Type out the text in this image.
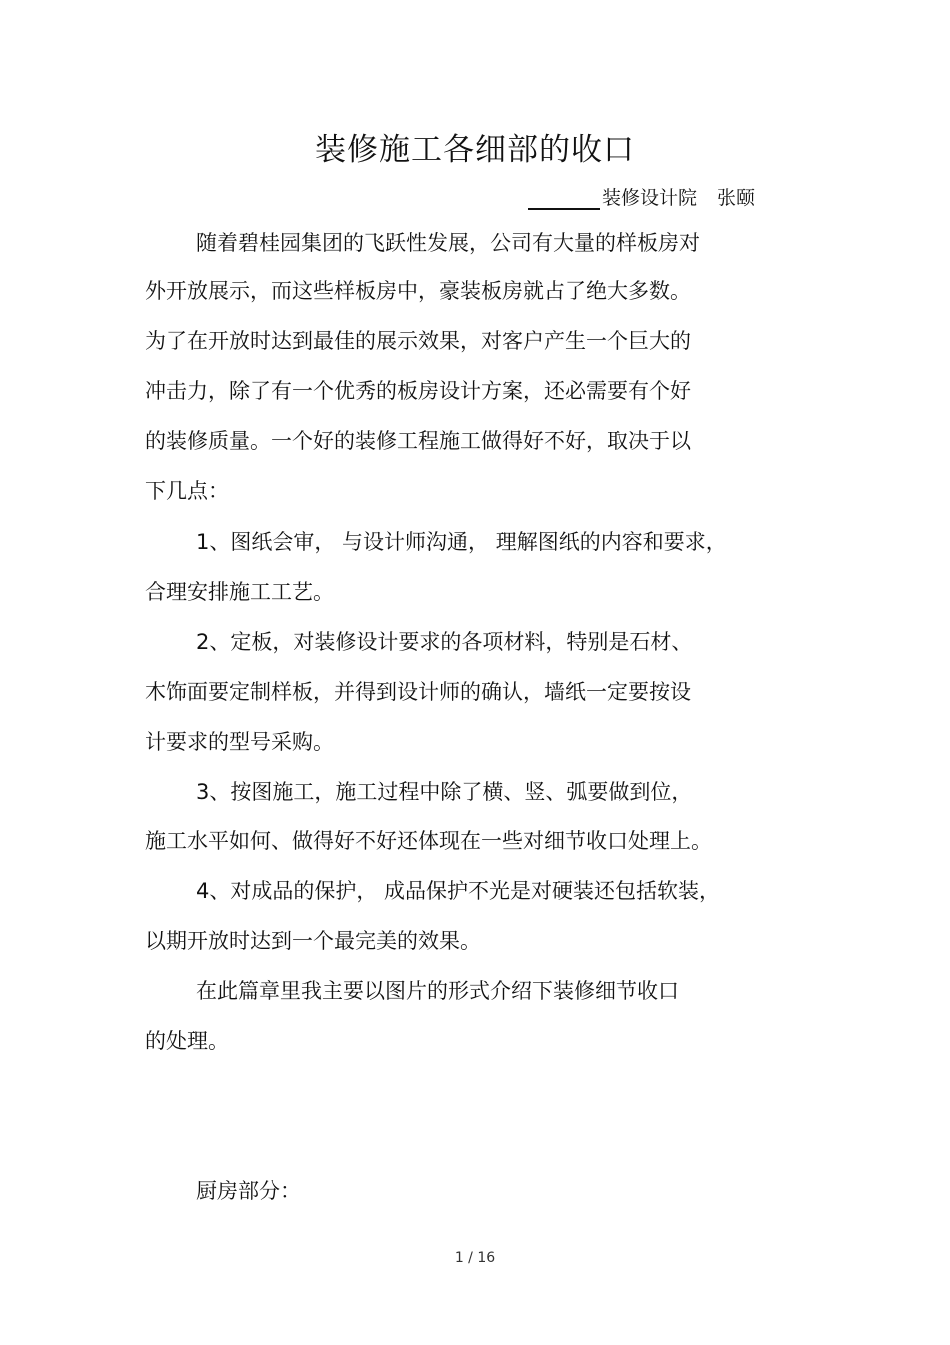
装修施工各细部的收口
装修设计院 张颐
随着碧桂园集团的飞跃性发展，公司有大量的样板房对
外开放展示，而这些样板房中，豪装板房就占了绝大多数。
为了在开放时达到最佳的展示效果，对客户产生一个巨大的
冲击力，除了有一个优秀的板房设计方案，还必需要有个好
的装修质量。一个好的装修工程施工做得好不好，取决于以
下几点：
1、图纸会审， 与设计师沟通， 理解图纸的内容和要求，
合理安排施工工艺。
2、定板，对装修设计要求的各项材料，特别是石材、
木饰面要定制样板，并得到设计师的确认，墙纸一定要按设
计要求的型号采购。
3、按图施工，施工过程中除了横、竖、弧要做到位，
施工水平如何、做得好不好还体现在一些对细节收口处理上。
4、对成品的保护， 成品保护不光是对硬装还包括软装，
以期开放时达到一个最完美的效果。
在此篇章里我主要以图片的形式介绍下装修细节收口
的处理。
厨房部分：
1 / 16
